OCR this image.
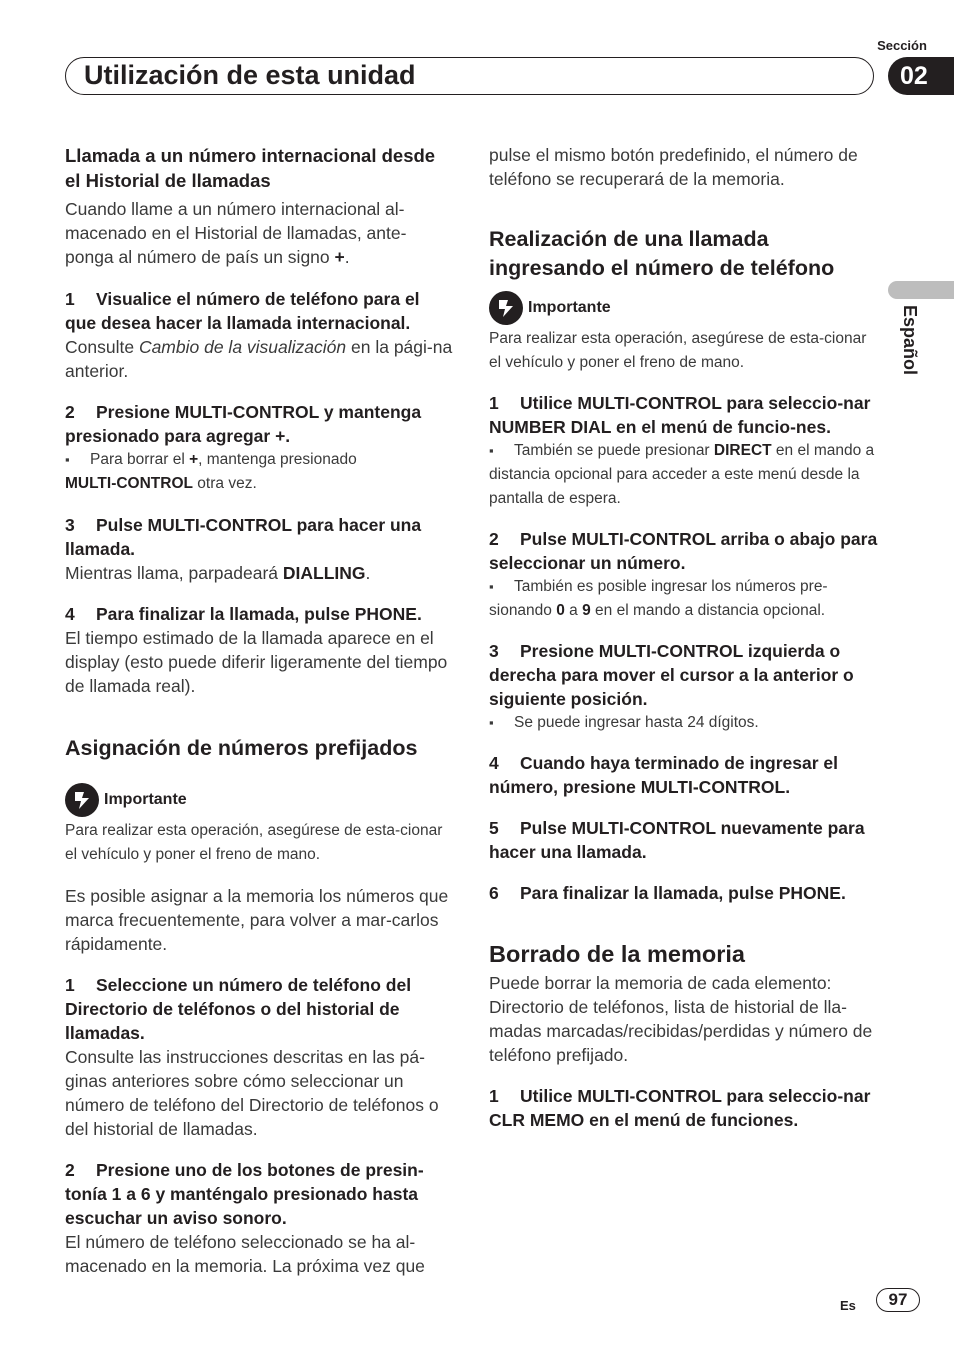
Sección
Utilización de esta unidad	02
Español
Llamada a un número internacional desde el Historial de llamadas

Cuando llame a un número internacional al-macenado en el Historial de llamadas, ante-ponga al número de país un signo +.

1 Visualice el número de teléfono para el que desea hacer la llamada internacional.

Consulte Cambio de la visualización en la pági-na anterior.

2 Presione MULTI-CONTROL y mantenga presionado para agregar +.

▪ Para borrar el +, mantenga presionado
MULTI-CONTROL otra vez.

3 Pulse MULTI-CONTROL para hacer una llamada.

Mientras llama, parpadeará DIALLING.

4 Para finalizar la llamada, pulse PHONE.

El tiempo estimado de la llamada aparece en el display (esto puede diferir ligeramente del tiempo de llamada real).

Asignación de números prefijados
Importante

Para realizar esta operación, asegúrese de esta-cionar el vehículo y poner el freno de mano.

Es posible asignar a la memoria los números que marca frecuentemente, para volver a mar-carlos rápidamente.

1 Seleccione un número de teléfono del Directorio de teléfonos o del historial de llamadas.

Consulte las instrucciones descritas en las pá-ginas anteriores sobre cómo seleccionar un número de teléfono del Directorio de teléfonos o del historial de llamadas.

2 Presione uno de los botones de presin-tonía 1 a 6 y manténgalo presionado hasta escuchar un aviso sonoro.

El número de teléfono seleccionado se ha al-macenado en la memoria. La próxima vez que

pulse el mismo botón predefinido, el número de teléfono se recuperará de la memoria.

Realización de una llamada ingresando el número de teléfono
Importante

Para realizar esta operación, asegúrese de esta-cionar el vehículo y poner el freno de mano.

1 Utilice MULTI-CONTROL para seleccio-nar NUMBER DIAL en el menú de funcio-nes.

▪ También se puede presionar DIRECT en el mando a distancia opcional para acceder a este menú desde la pantalla de espera.

2 Pulse MULTI-CONTROL arriba o abajo para seleccionar un número.

▪ También es posible ingresar los números pre-sionando 0 a 9 en el mando a distancia opcional.

3 Presione MULTI-CONTROL izquierda o derecha para mover el cursor a la anterior o siguiente posición.

▪ Se puede ingresar hasta 24 dígitos.

4 Cuando haya terminado de ingresar el número, presione MULTI-CONTROL.

5 Pulse MULTI-CONTROL nuevamente para hacer una llamada.

6 Para finalizar la llamada, pulse PHONE.

Borrado de la memoria

Puede borrar la memoria de cada elemento: Directorio de teléfonos, lista de historial de lla-madas marcadas/recibidas/perdidas y número de teléfono prefijado.

1 Utilice MULTI-CONTROL para seleccio-nar CLR MEMO en el menú de funciones.

Es	97
